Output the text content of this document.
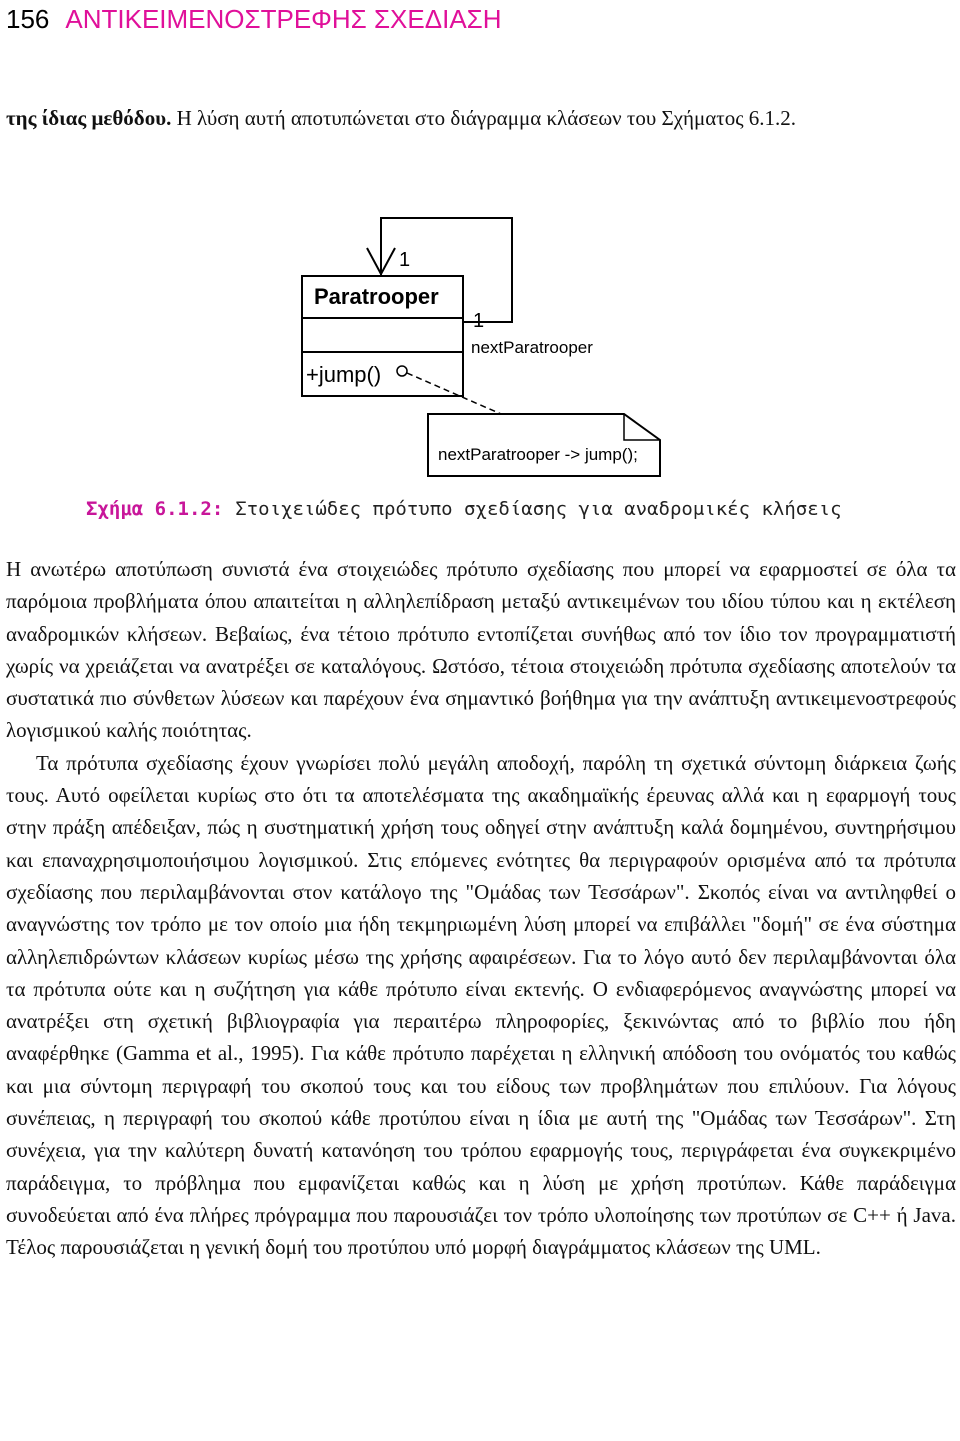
156 ΑΝΤΙΚΕΙΜΕΝΟΣΤΡΕΦΗΣ ΣΧΕΔΙΑΣΗ

της ίδιας μεθόδου. Η λύση αυτή αποτυπώνεται στο διάγραμμα κλάσεων του Σχήματος 6.1.2.

Paratrooper
+jump()
1
1
nextParatrooper
nextParatrooper -> jump();
Σχήμα 6.1.2: Στοιχειώδες πρότυπο σχεδίασης για αναδρομικές κλήσεις

Η ανωτέρω αποτύπωση συνιστά ένα στοιχειώδες πρότυπο σχεδίασης που μπορεί να εφαρμοστεί σε όλα τα παρόμοια προβλήματα όπου απαιτείται η αλληλεπίδραση μεταξύ αντικειμένων του ιδίου τύπου και η εκτέλεση αναδρομικών κλήσεων. Βεβαίως, ένα τέτοιο πρότυπο εντοπίζεται συνήθως από τον ίδιο τον προγραμματιστή χωρίς να χρειάζεται να ανατρέξει σε καταλόγους. Ωστόσο, τέτοια στοιχειώδη πρότυπα σχεδίασης αποτελούν τα συστατικά πιο σύνθετων λύσεων και παρέχουν ένα σημαντικό βοήθημα για την ανάπτυξη αντικειμενοστρεφούς λογισμικού καλής ποιότητας.

Τα πρότυπα σχεδίασης έχουν γνωρίσει πολύ μεγάλη αποδοχή, παρόλη τη σχετικά σύντομη διάρκεια ζωής τους. Αυτό οφείλεται κυρίως στο ότι τα αποτελέσματα της ακαδημαϊκής έρευνας αλλά και η εφαρμογή τους στην πράξη απέδειξαν, πώς η συστηματική χρήση τους οδηγεί στην ανάπτυξη καλά δομημένου, συντηρήσιμου και επαναχρησιμοποιήσιμου λογισμικού. Στις επόμενες ενότητες θα περιγραφούν ορισμένα από τα πρότυπα σχεδίασης που περιλαμβάνονται στον κατάλογο της "Ομάδας των Τεσσάρων". Σκοπός είναι να αντιληφθεί ο αναγνώστης τον τρόπο με τον οποίο μια ήδη τεκμηριωμένη λύση μπορεί να επιβάλλει "δομή" σε ένα σύστημα αλληλεπιδρώντων κλάσεων κυρίως μέσω της χρήσης αφαιρέσεων. Για το λόγο αυτό δεν περιλαμβάνονται όλα τα πρότυπα ούτε και η συζήτηση για κάθε πρότυπο είναι εκτενής. Ο ενδιαφερόμενος αναγνώστης μπορεί να ανατρέξει στη σχετική βιβλιογραφία για περαιτέρω πληροφορίες, ξεκινώντας από το βιβλίο που ήδη αναφέρθηκε (Gamma et al., 1995). Για κάθε πρότυπο παρέχεται η ελληνική απόδοση του ονόματός του καθώς και μια σύντομη περιγραφή του σκοπού τους και του είδους των προβλημάτων που επιλύουν. Για λόγους συνέπειας, η περιγραφή του σκοπού κάθε προτύπου είναι η ίδια με αυτή της "Ομάδας των Τεσσάρων". Στη συνέχεια, για την καλύτερη δυνατή κατανόηση του τρόπου εφαρμογής τους, περιγράφεται ένα συγκεκριμένο παράδειγμα, το πρόβλημα που εμφανίζεται καθώς και η λύση με χρήση προτύπων. Κάθε παράδειγμα συνοδεύεται από ένα πλήρες πρόγραμμα που παρουσιάζει τον τρόπο υλοποίησης των προτύπων σε C++ ή Java. Τέλος παρουσιάζεται η γενική δομή του προτύπου υπό μορφή διαγράμματος κλάσεων της UML.
